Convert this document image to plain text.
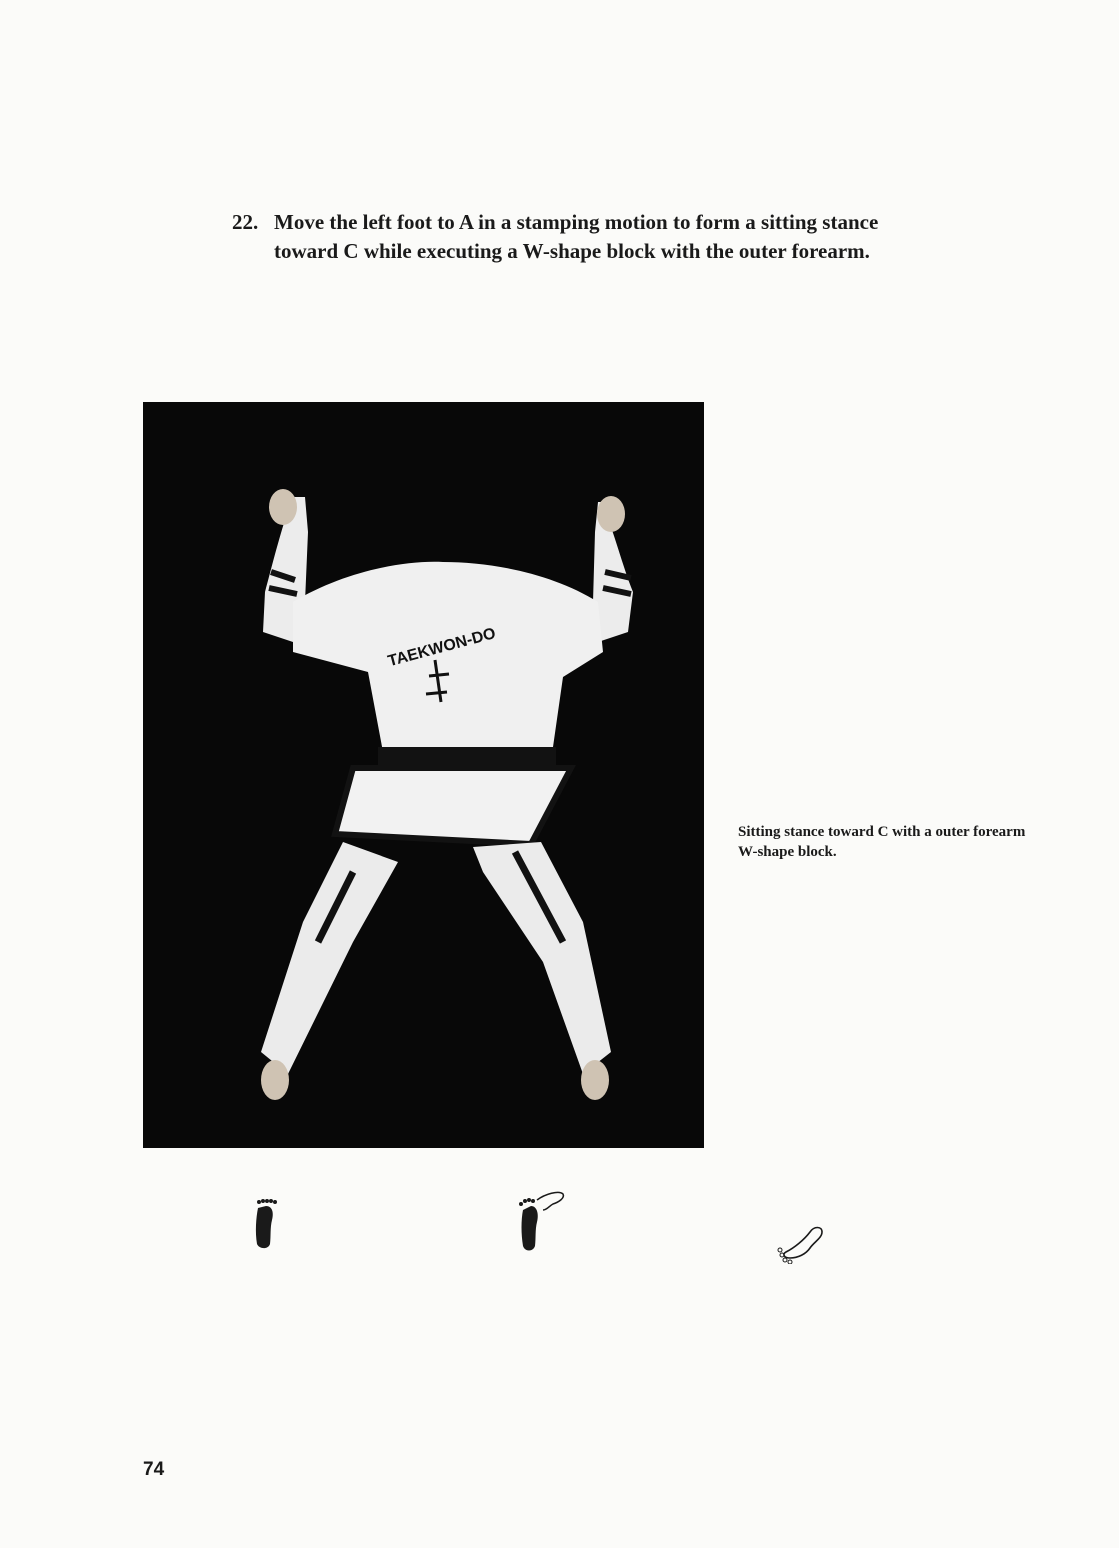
22. Move the left foot to A in a stamping motion to form a sitting stance toward C while executing a W-shape block with the outer forearm.
TAEKWON-DO
Sitting stance toward C with a outer forearm W-shape block.
74
